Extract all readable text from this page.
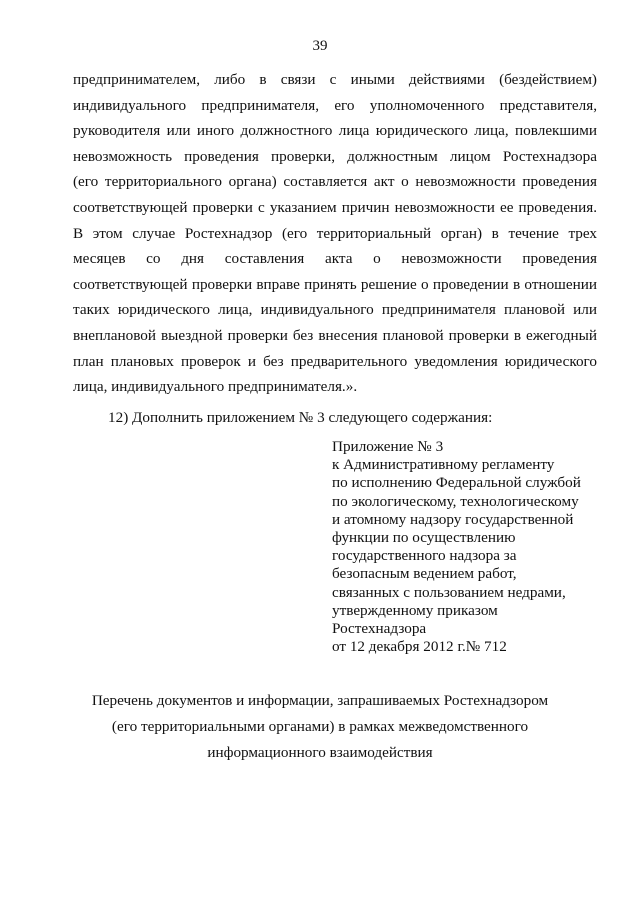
39
предпринимателем, либо в связи с иными действиями (бездействием)
индивидуального предпринимателя, его уполномоченного представителя,
руководителя или иного должностного лица юридического лица, повлекшими
невозможность проведения проверки, должностным лицом Ростехнадзора
(его территориального органа) составляется акт о невозможности проведения
соответствующей проверки с указанием причин невозможности ее проведения.
В этом случае Ростехнадзор (его территориальный орган) в течение трех
месяцев со дня составления акта о невозможности проведения
соответствующей проверки вправе принять решение о проведении в отношении
таких юридического лица, индивидуального предпринимателя плановой или
внеплановой выездной проверки без внесения плановой проверки в ежегодный
план плановых проверок и без предварительного уведомления юридического
лица, индивидуального предпринимателя.».
12) Дополнить приложением № 3 следующего содержания:
Приложение № 3
к Административному регламенту
по исполнению Федеральной службой
по экологическому, технологическому
и атомному надзору государственной
функции по осуществлению
государственного надзора за
безопасным ведением работ,
связанных с пользованием недрами,
утвержденному приказом
Ростехнадзора
от 12 декабря 2012 г.№ 712
Перечень документов и информации, запрашиваемых Ростехнадзором
(его территориальными органами) в рамках межведомственного
информационного взаимодействия
